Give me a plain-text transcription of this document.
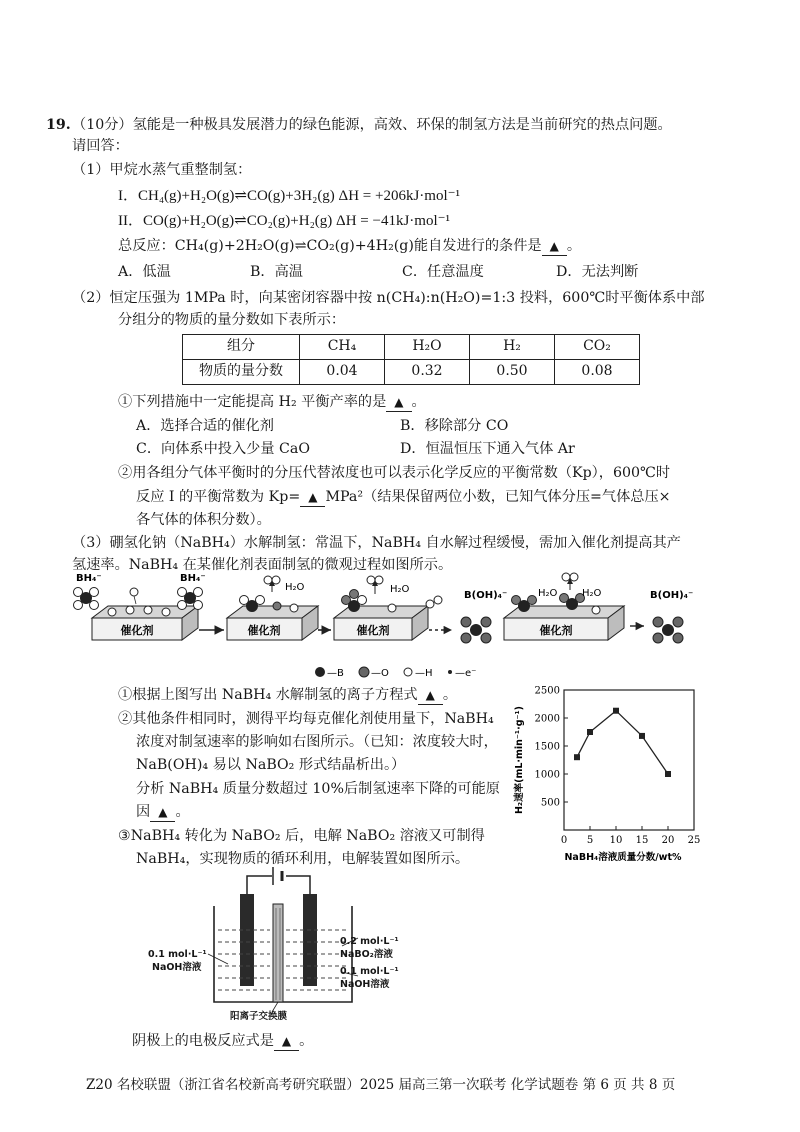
19. （10分）氢能是一种极具发展潜力的绿色能源，高效、环保的制氢方法是当前研究的热点问题。
请回答：
（1）甲烷水蒸气重整制氢：
I．CH₄(g)+H₂O(g)⇌CO(g)+3H₂(g) ΔH = +206kJ·mol⁻¹
II．CO(g)+H₂O(g)⇌CO₂(g)+H₂(g) ΔH = −41kJ·mol⁻¹
总反应：CH₄(g)+2H₂O(g)⇌CO₂(g)+4H₂(g)能自发进行的条件是 ▲ 。
A．低温	B．高温	C．任意温度	D．无法判断
（2）恒定压强为 1MPa 时，向某密闭容器中按 n(CH₄):n(H₂O)=1:3 投料，600℃时平衡体系中部
分组分的物质的量分数如下表所示：
组分	CH₄	H₂O	H₂	CO₂
物质的量分数	0.04	0.32	0.50	0.08
①下列措施中一定能提高 H₂ 平衡产率的是 ▲ 。
A．选择合适的催化剂	B．移除部分 CO
C．向体系中投入少量 CaO	D．恒温恒压下通入气体 Ar
②用各组分气体平衡时的分压代替浓度也可以表示化学反应的平衡常数（Kp），600℃时
反应 I 的平衡常数为 Kp= ▲ MPa²（结果保留两位小数，已知气体分压=气体总压×
各气体的体积分数）。
（3）硼氢化钠（NaBH₄）水解制氢：常温下，NaBH₄ 自水解过程缓慢，需加入催化剂提高其产
氢速率。NaBH₄ 在某催化剂表面制氢的微观过程如图所示。
催化剂	催化剂	催化剂	催化剂
BH₄⁻	BH₄⁻
H₂O	H₂O
B(OH)₄⁻	H₂O H₂O	B(OH)₄⁻
—B	—O	—H —e⁻
①根据上图写出 NaBH₄ 水解制氢的离子方程式 ▲ 。
②其他条件相同时，测得平均每克催化剂使用量下，NaBH₄
浓度对制氢速率的影响如右图所示。（已知：浓度较大时，
NaB(OH)₄ 易以 NaBO₂ 形式结晶析出。）
分析 NaBH₄ 质量分数超过 10%后制氢速率下降的可能原
因 ▲ 。
③NaBH₄ 转化为 NaBO₂ 后，电解 NaBO₂ 溶液又可制得
NaBH₄，实现物质的循环利用，电解装置如图所示。
500
1000
1500
2000
2500
0 5 10 15 20 25
NaBH₄溶液质量分数/wt%
H₂速率(mL·min⁻¹·g⁻¹)
0.1 mol·L⁻¹
NaOH溶液
0.2 mol·L⁻¹
NaBO₂溶液
0.1 mol·L⁻¹
NaOH溶液
阳离子交换膜
阴极上的电极反应式是 ▲ 。
Z20 名校联盟（浙江省名校新高考研究联盟）2025 届高三第一次联考 化学试题卷 第 6 页 共 8 页
